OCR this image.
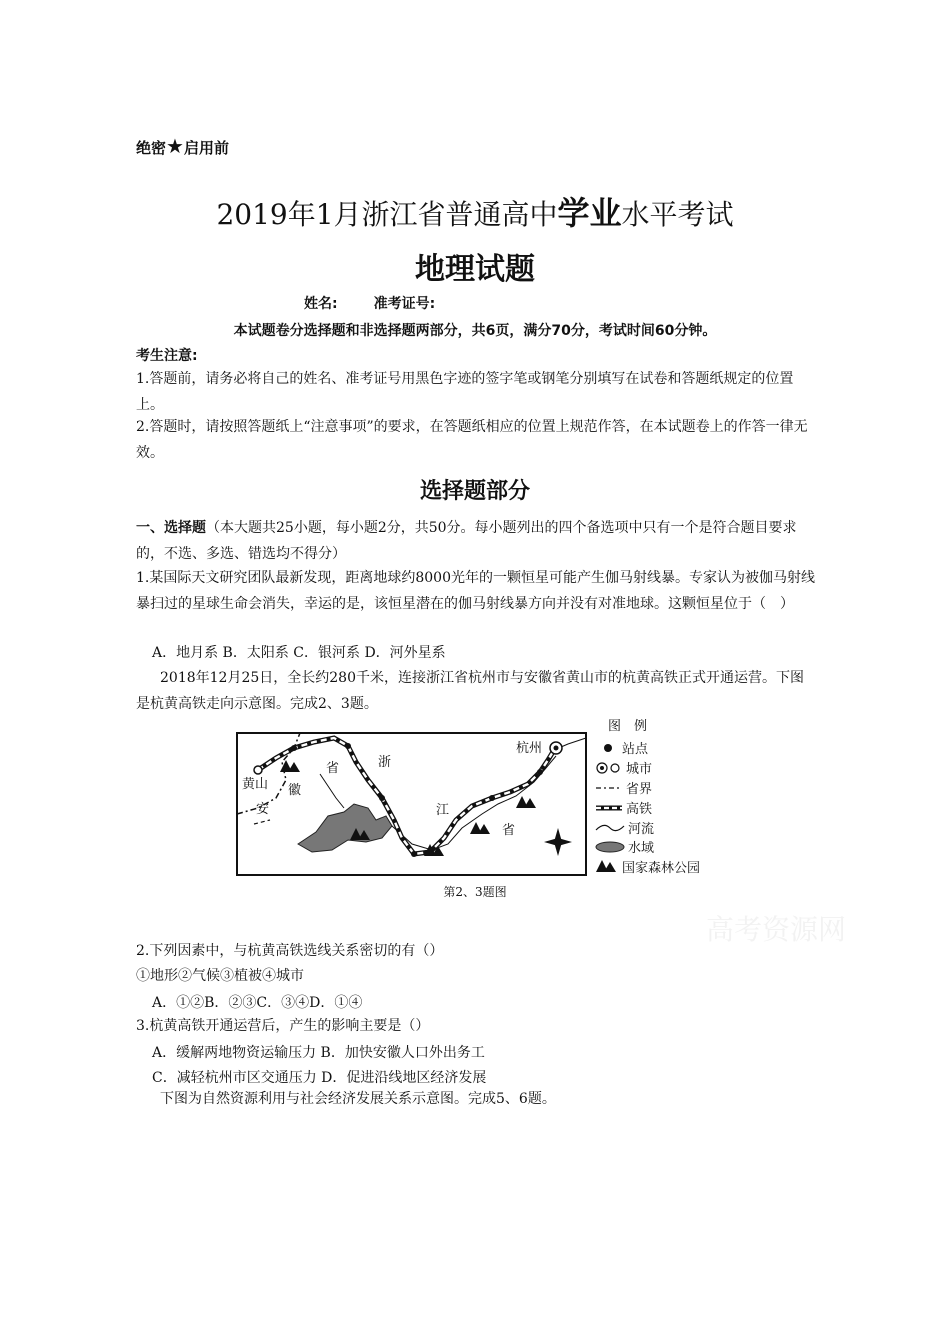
绝密★启用前
2019年1月浙江省普通高中学业水平考试
地理试题
姓名:	准考证号:
本试题卷分选择题和非选择题两部分，共6页，满分70分，考试时间60分钟。
考生注意:
1.答题前，请务必将自己的姓名、准考证号用黑色字迹的签字笔或钢笔分别填写在试卷和答题纸规定的位置上。
2.答题时，请按照答题纸上“注意事项”的要求，在答题纸相应的位置上规范作答，在本试题卷上的作答一律无效。
选择题部分
一、选择题（本大题共25小题，每小题2分，共50分。每小题列出的四个备选项中只有一个是符合题目要求的，不选、多选、错选均不得分）
1.某国际天文研究团队最新发现，距离地球约8000光年的一颗恒星可能产生伽马射线暴。专家认为被伽马射线暴扫过的星球生命会消失，幸运的是，该恒星潜在的伽马射线暴方向并没有对准地球。这颗恒星位于（　）
A．地月系 B．太阳系 C．银河系 D．河外星系
2018年12月25日，全长约280千米，连接浙江省杭州市与安徽省黄山市的杭黄高铁正式开通运营。下图是杭黄高铁走向示意图。完成2、3题。
黄山
安
徽
省	浙
江
省
杭州
图　例
站点
城市
省界
高铁
河流
水域
国家森林公园
第2、3题图
高考资源网
2.下列因素中，与杭黄高铁选线关系密切的有（）
①地形②气候③植被④城市
A．①②B．②③C．③④D．①④
3.杭黄高铁开通运营后，产生的影响主要是（）
A．缓解两地物资运输压力 B．加快安徽人口外出务工
C．减轻杭州市区交通压力 D．促进沿线地区经济发展
下图为自然资源利用与社会经济发展关系示意图。完成5、6题。
